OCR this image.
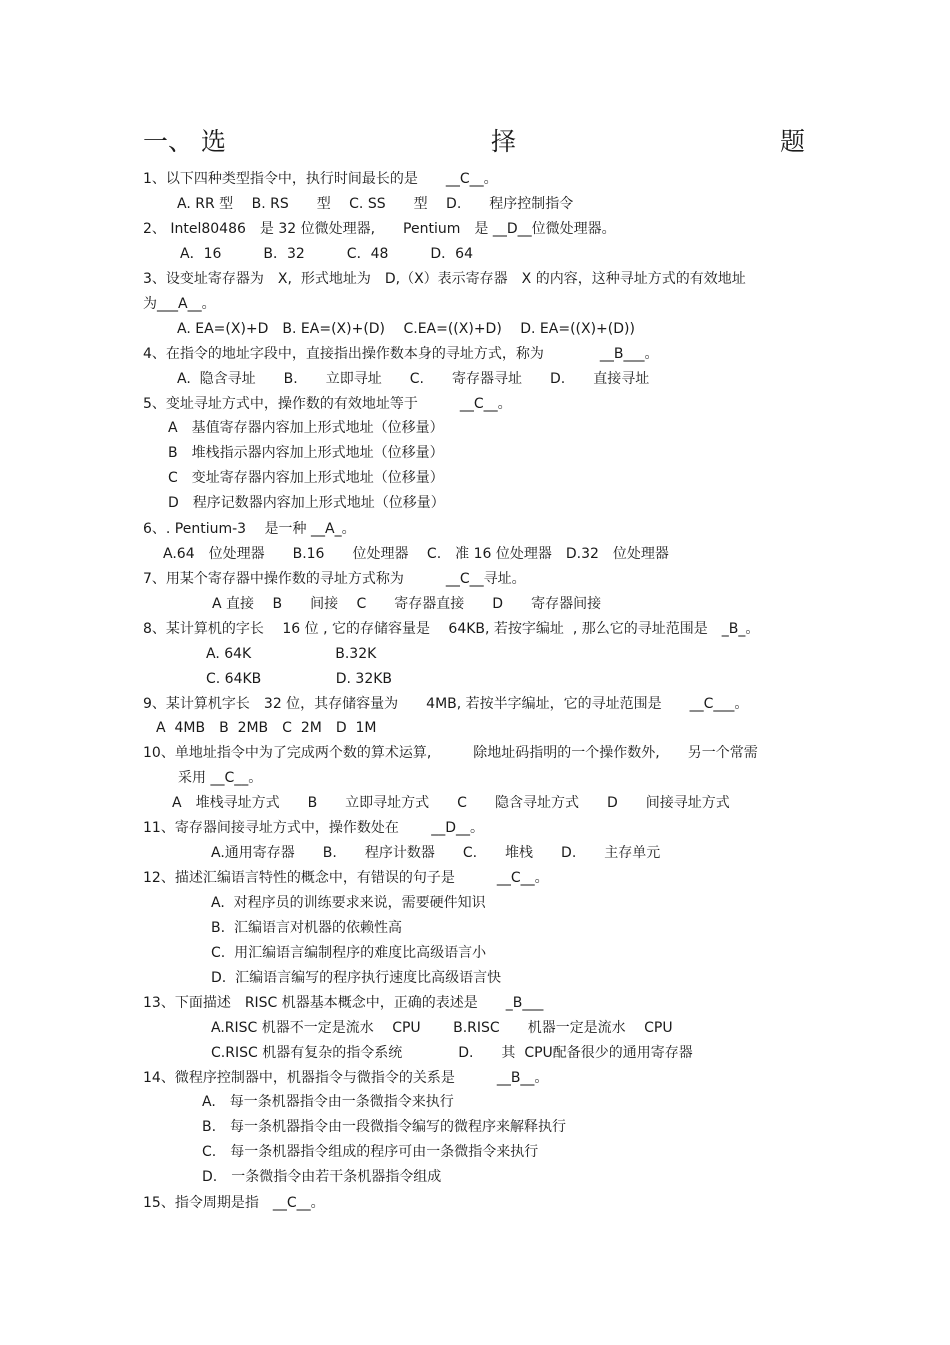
一、 选	择	题
1、以下四种类型指令中，执行时间最长的是　　__C__。
A. RR 型　 B. RS　　型　 C. SS　　型　 D.　　程序控制指令
2、 Intel80486　是 32 位微处理器,　　Pentium　是 __D__位微处理器。
A．16　　　B．32　　　C．48　　　D．64
3、设变址寄存器为　X,  形式地址为　D,（X）表示寄存器　X 的内容，这种寻址方式的有效地址
为___A__。
A. EA=(X)+D　B. EA=(X)+(D)　 C.EA=((X)+D)　 D. EA=((X)+(D))
4、在指令的地址字段中，直接指出操作数本身的寻址方式，称为　　　　__B___。
A.  隐含寻址　　B.　　立即寻址　　C.　　寄存器寻址　　D.　　直接寻址
5、变址寻址方式中，操作数的有效地址等于　　　__C__。
A　基值寄存器内容加上形式地址（位移量）
B　堆栈指示器内容加上形式地址（位移量）
C　变址寄存器内容加上形式地址（位移量）
D　程序记数器内容加上形式地址（位移量）
6、. Pentium-3　 是一种 __A_。
A.64　位处理器　　B.16　　位处理器　 C.　准 16 位处理器　D.32　位处理器
7、用某个寄存器中操作数的寻址方式称为　　　__C__寻址。
A 直接　 B　　间接　 C　　寄存器直接　　D　　寄存器间接
8、某计算机的字长　 16 位 , 它的存储容量是　 64KB, 若按字编址  , 那么它的寻址范围是　_B_。
A. 64K　　　　　　B.32K
C. 64KB　　　　　 D. 32KB
9、某计算机字长　32 位，其存储容量为　　4MB, 若按半字编址，它的寻址范围是　　__C___。
A  4MB　B  2MB　C  2M　D  1M
10、单地址指令中为了完成两个数的算术运算,　　　除地址码指明的一个操作数外,　　另一个常需
采用 __C__。
A　堆栈寻址方式　　B　　立即寻址方式　　C　　隐含寻址方式　　D　　间接寻址方式
11、寄存器间接寻址方式中，操作数处在　　 __D__。
A.通用寄存器　　B.　　程序计数器　　C.　　堆栈　　D.　　主存单元
12、描述汇编语言特性的概念中，有错误的句子是　　　__C__。
A.  对程序员的训练要求来说，需要硬件知识
B.  汇编语言对机器的依赖性高
C.  用汇编语言编制程序的难度比高级语言小
D.  汇编语言编写的程序执行速度比高级语言快
13、下面描述　RISC 机器基本概念中，正确的表述是　　_B___
A.RISC 机器不一定是流水　 CPU　　 B.RISC　　机器一定是流水　 CPU
C.RISC 机器有复杂的指令系统　　　　D.　　其  CPU配备很少的通用寄存器
14、微程序控制器中，机器指令与微指令的关系是　　　__B__。
A.　每一条机器指令由一条微指令来执行
B.　每一条机器指令由一段微指令编写的微程序来解释执行
C.　每一条机器指令组成的程序可由一条微指令来执行
D.　一条微指令由若干条机器指令组成
15、指令周期是指　__C__。
